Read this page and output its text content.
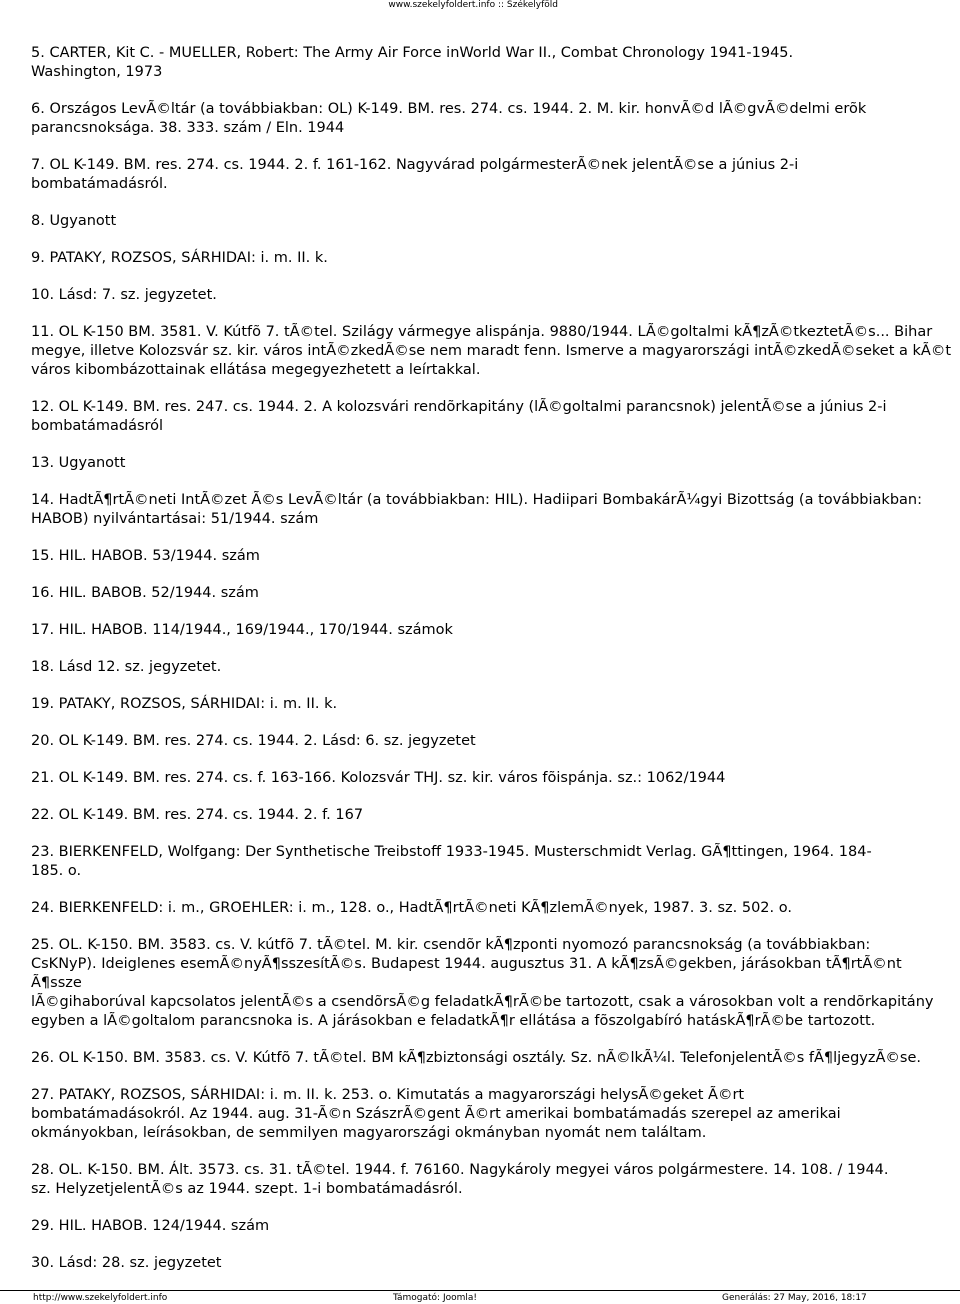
www.szekelyfoldert.info :: Székelyföld

5. CARTER, Kit C. - MUELLER, Robert: The Army Air Force inWorld War II., Combat Chronology 1941-1945.
Washington, 1973

6. Országos LevÃ©ltár (a továbbiakban: OL) K-149. BM. res. 274. cs. 1944. 2. M. kir. honvÃ©d lÃ©gvÃ©delmi erõk
parancsnoksága. 38. 333. szám / Eln. 1944

7. OL K-149. BM. res. 274. cs. 1944. 2. f. 161-162. Nagyvárad polgármesterÃ©nek jelentÃ©se a június 2-i
bombatámadásról.

8. Ugyanott

9. PATAKY, ROZSOS, SÁRHIDAI: i. m. II. k.

10. Lásd: 7. sz. jegyzetet.

11. OL K-150 BM. 3581. V. Kútfõ 7. tÃ©tel. Szilágy vármegye alispánja. 9880/1944. LÃ©goltalmi kÃ¶zÃ©tkeztetÃ©s... Bihar
megye, illetve Kolozsvár sz. kir. város intÃ©zkedÃ©se nem maradt fenn. Ismerve a magyarországi intÃ©zkedÃ©seket a kÃ©t
város kibombázottainak ellátása megegyezhetett a leírtakkal.

12. OL K-149. BM. res. 247. cs. 1944. 2. A kolozsvári rendõrkapitány (lÃ©goltalmi parancsnok) jelentÃ©se a június 2-i
bombatámadásról

13. Ugyanott

14. HadtÃ¶rtÃ©neti IntÃ©zet Ã©s LevÃ©ltár (a továbbiakban: HIL). Hadiipari BombakárÃ¼gyi Bizottság (a továbbiakban:
HABOB) nyilvántartásai: 51/1944. szám

15. HIL. HABOB. 53/1944. szám

16. HIL. BABOB. 52/1944. szám

17. HIL. HABOB. 114/1944., 169/1944., 170/1944. számok

18. Lásd 12. sz. jegyzetet.

19. PATAKY, ROZSOS, SÁRHIDAI: i. m. II. k.

20. OL K-149. BM. res. 274. cs. 1944. 2. Lásd: 6. sz. jegyzetet

21. OL K-149. BM. res. 274. cs. f. 163-166. Kolozsvár THJ. sz. kir. város fõispánja. sz.: 1062/1944

22. OL K-149. BM. res. 274. cs. 1944. 2. f. 167

23. BIERKENFELD, Wolfgang: Der Synthetische Treibstoff 1933-1945. Musterschmidt Verlag. GÃ¶ttingen, 1964. 184-
185. o.

24. BIERKENFELD: i. m., GROEHLER: i. m., 128. o., HadtÃ¶rtÃ©neti KÃ¶zlemÃ©nyek, 1987. 3. sz. 502. o.

25. OL. K-150. BM. 3583. cs. V. kútfõ 7. tÃ©tel. M. kir. csendõr kÃ¶zponti nyomozó parancsnokság (a továbbiakban:
CsKNyP). Ideiglenes esemÃ©nyÃ¶sszesítÃ©s. Budapest 1944. augusztus 31. A kÃ¶zsÃ©gekben, járásokban tÃ¶rtÃ©nt Ã¶ssze
lÃ©gihaborúval kapcsolatos jelentÃ©s a csendõrsÃ©g feladatkÃ¶rÃ©be tartozott, csak a városokban volt a rendõrkapitány
egyben a lÃ©goltalom parancsnoka is. A járásokban e feladatkÃ¶r ellátása a fõszolgabíró hatáskÃ¶rÃ©be tartozott.

26. OL K-150. BM. 3583. cs. V. Kútfõ 7. tÃ©tel. BM kÃ¶zbiztonsági osztály. Sz. nÃ©lkÃ¼l. TelefonjelentÃ©s fÃ¶ljegyzÃ©se.

27. PATAKY, ROZSOS, SÁRHIDAI: i. m. II. k. 253. o. Kimutatás a magyarországi helysÃ©geket Ã©rt
bombatámadásokról. Az 1944. aug. 31-Ã©n SzászrÃ©gent Ã©rt amerikai bombatámadás szerepel az amerikai
okmányokban, leírásokban, de semmilyen magyarországi okmányban nyomát nem találtam.

28. OL. K-150. BM. Ált. 3573. cs. 31. tÃ©tel. 1944. f. 76160. Nagykároly megyei város polgármestere. 14. 108. / 1944.
sz. HelyzetjelentÃ©s az 1944. szept. 1-i bombatámadásról.

29. HIL. HABOB. 124/1944. szám

30. Lásd: 28. sz. jegyzetet

http://www.szekelyfoldert.info	Támogató: Joomla!	Generálás: 27 May, 2016, 18:17
